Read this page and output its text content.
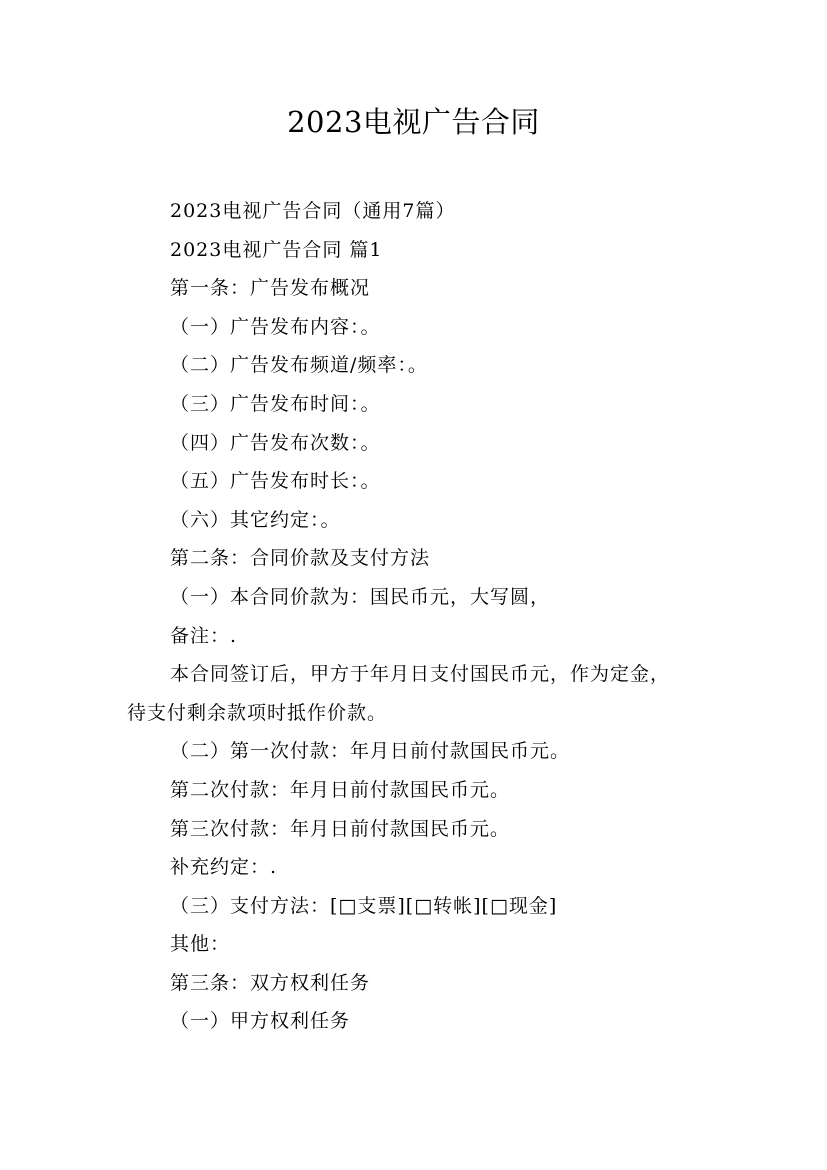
2023电视广告合同
2023电视广告合同（通用7篇）
2023电视广告合同 篇1
第一条：广告发布概况
（一）广告发布内容：。
（二）广告发布频道/频率：。
（三）广告发布时间：。
（四）广告发布次数：。
（五）广告发布时长：。
（六）其它约定：。
第二条：合同价款及支付方法
（一）本合同价款为：国民币元，大写圆，
备注：.
本合同签订后，甲方于年月日支付国民币元，作为定金，
待支付剩余款项时抵作价款。
（二）第一次付款：年月日前付款国民币元。
第二次付款：年月日前付款国民币元。
第三次付款：年月日前付款国民币元。
补充约定：.
（三）支付方法：[□支票][□转帐][□现金]
其他：
第三条：双方权利任务
（一）甲方权利任务
